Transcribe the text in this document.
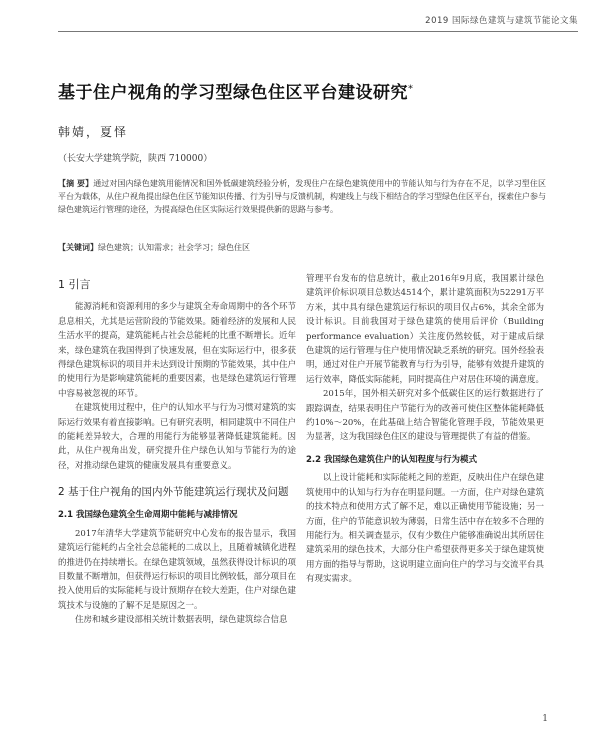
2019 国际绿色建筑与建筑节能论文集
基于住户视角的学习型绿色住区平台建设研究*
韩婧，夏怿
（长安大学建筑学院，陕西 710000）
【摘 要】通过对国内绿色建筑用能情况和国外低碳建筑经验分析，发现住户在绿色建筑使用中的节能认知与行为存在不足，以学习型住区平台为载体，从住户视角提出绿色住区节能知识传播、行为引导与反馈机制，构建线上与线下相结合的学习型绿色住区平台，探索住户参与绿色建筑运行管理的途径，为提高绿色住区实际运行效果提供新的思路与参考。
【关键词】绿色建筑；认知需求；社会学习；绿色住区
1 引言

能源消耗和资源利用的多少与建筑全寿命周期中的各个环节息息相关，尤其是运营阶段的节能效果。随着经济的发展和人民生活水平的提高，建筑能耗占社会总能耗的比重不断增长。近年来，绿色建筑在我国得到了快速发展，但在实际运行中，很多获得绿色建筑标识的项目并未达到设计预期的节能效果，其中住户的使用行为是影响建筑能耗的重要因素，也是绿色建筑运行管理中容易被忽视的环节。

在建筑使用过程中，住户的认知水平与行为习惯对建筑的实际运行效果有着直接影响。已有研究表明，相同建筑中不同住户的能耗差异较大，合理的用能行为能够显著降低建筑能耗。因此，从住户视角出发，研究提升住户绿色认知与节能行为的途径，对推动绿色建筑的健康发展具有重要意义。

2 基于住户视角的国内外节能建筑运行现状及问题
2.1 我国绿色建筑全生命周期中能耗与减排情况

2017年清华大学建筑节能研究中心发布的报告显示，我国建筑运行能耗约占全社会总能耗的二成以上，且随着城镇化进程的推进仍在持续增长。在绿色建筑领域，虽然获得设计标识的项目数量不断增加，但获得运行标识的项目比例较低，部分项目在投入使用后的实际能耗与设计预期存在较大差距，住户对绿色建筑技术与设施的了解不足是原因之一。

住房和城乡建设部相关统计数据表明，绿色建筑综合信息

管理平台发布的信息统计，截止2016年9月底，我国累计绿色建筑评价标识项目总数达4514个，累计建筑面积为52291万平方米，其中具有绿色建筑运行标识的项目仅占6%，其余全部为设计标识。目前我国对于绿色建筑的使用后评价（Building performance evaluation）关注度仍然较低，对于建成后绿色建筑的运行管理与住户使用情况缺乏系统的研究。国外经验表明，通过对住户开展节能教育与行为引导，能够有效提升建筑的运行效率，降低实际能耗，同时提高住户对居住环境的满意度。

2015年，国外相关研究对多个低碳住区的运行数据进行了跟踪调查，结果表明住户节能行为的改善可使住区整体能耗降低约10%～20%，在此基础上结合智能化管理手段，节能效果更为显著，这为我国绿色住区的建设与管理提供了有益的借鉴。

2.2 我国绿色建筑住户的认知程度与行为模式

以上设计能耗和实际能耗之间的差距，反映出住户在绿色建筑使用中的认知与行为存在明显问题。一方面，住户对绿色建筑的技术特点和使用方式了解不足，难以正确使用节能设施；另一方面，住户的节能意识较为薄弱，日常生活中存在较多不合理的用能行为。相关调查显示，仅有少数住户能够准确说出其所居住建筑采用的绿色技术，大部分住户希望获得更多关于绿色建筑使用方面的指导与帮助，这说明建立面向住户的学习与交流平台具有现实需求。

1
